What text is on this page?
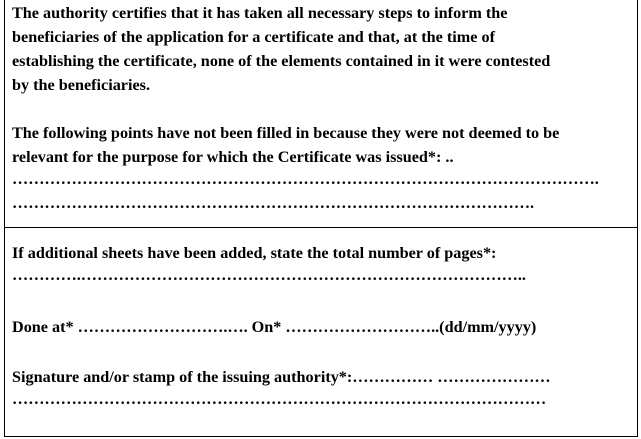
The authority certifies that it has taken all necessary steps to inform the

beneficiaries of the application for a certificate and that, at the time of

establishing the certificate, none of the elements contained in it were contested

by the beneficiaries.

The following points have not been filled in because they were not deemed to be

relevant for the purpose for which the Certificate was issued*: ..

……………………………………………………………………………………………….

…………………………………………………………………………………….

If additional sheets have been added, state the total number of pages*:

………….………………………………………………………………………..

Done at* ……………………….…. On* ………………………..(dd/mm/yyyy)

Signature and/or stamp of the issuing authority*:…………… …………………

………………………………………………………………………………………
